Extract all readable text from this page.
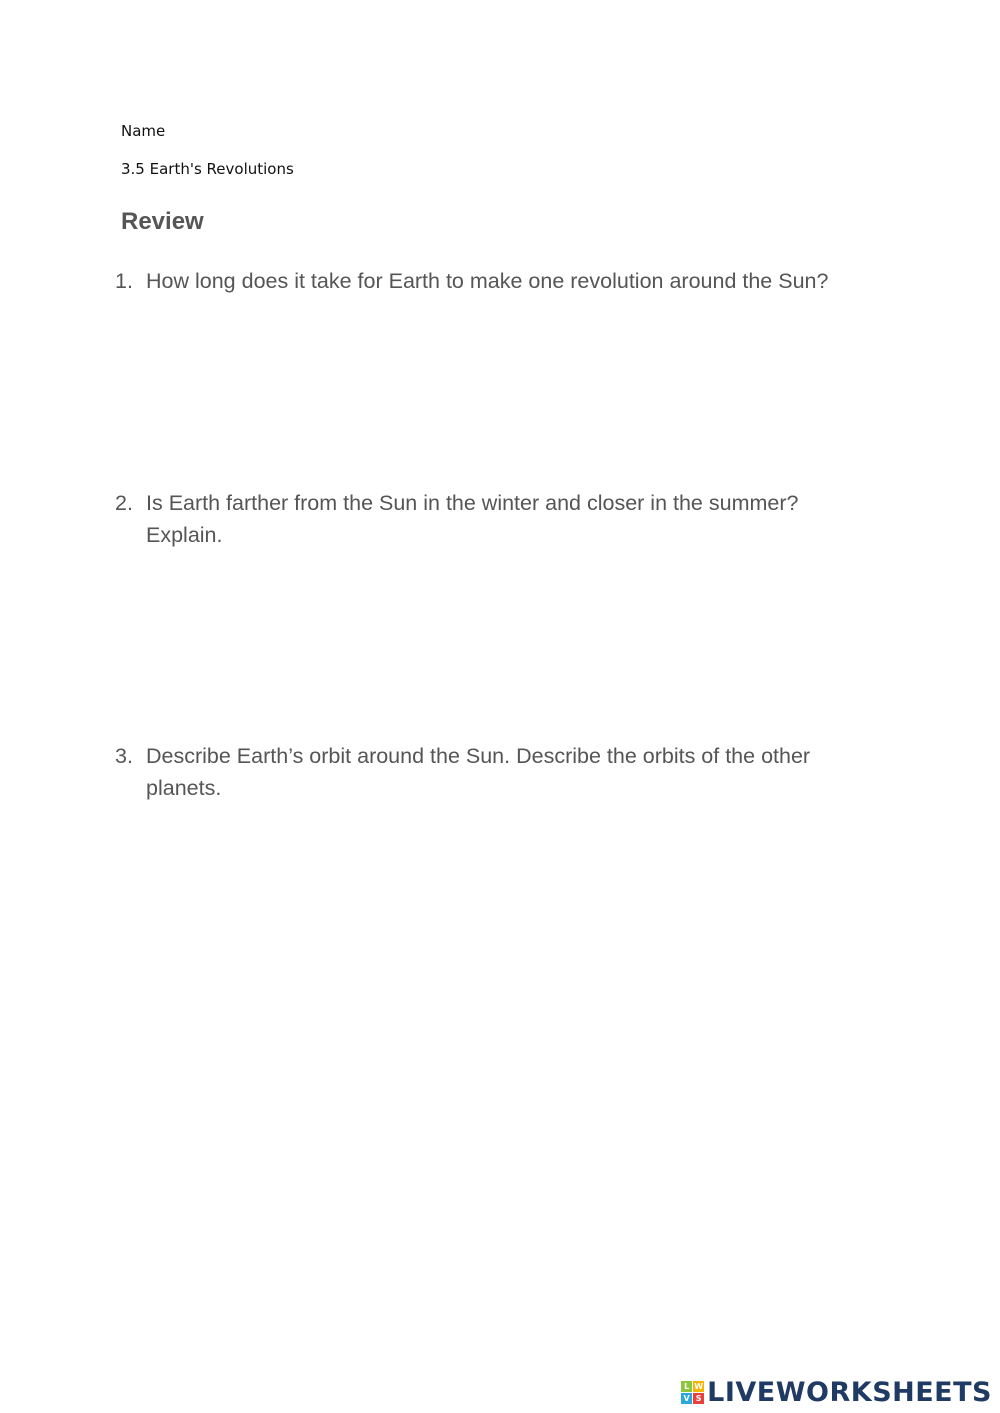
Name
3.5 Earth's Revolutions
Review
1. How long does it take for Earth to make one revolution around the Sun?
2. Is Earth farther from the Sun in the winter and closer in the summer? Explain.
3. Describe Earth’s orbit around the Sun. Describe the orbits of the other planets.
L W
V S LIVEWORKSHEETS
